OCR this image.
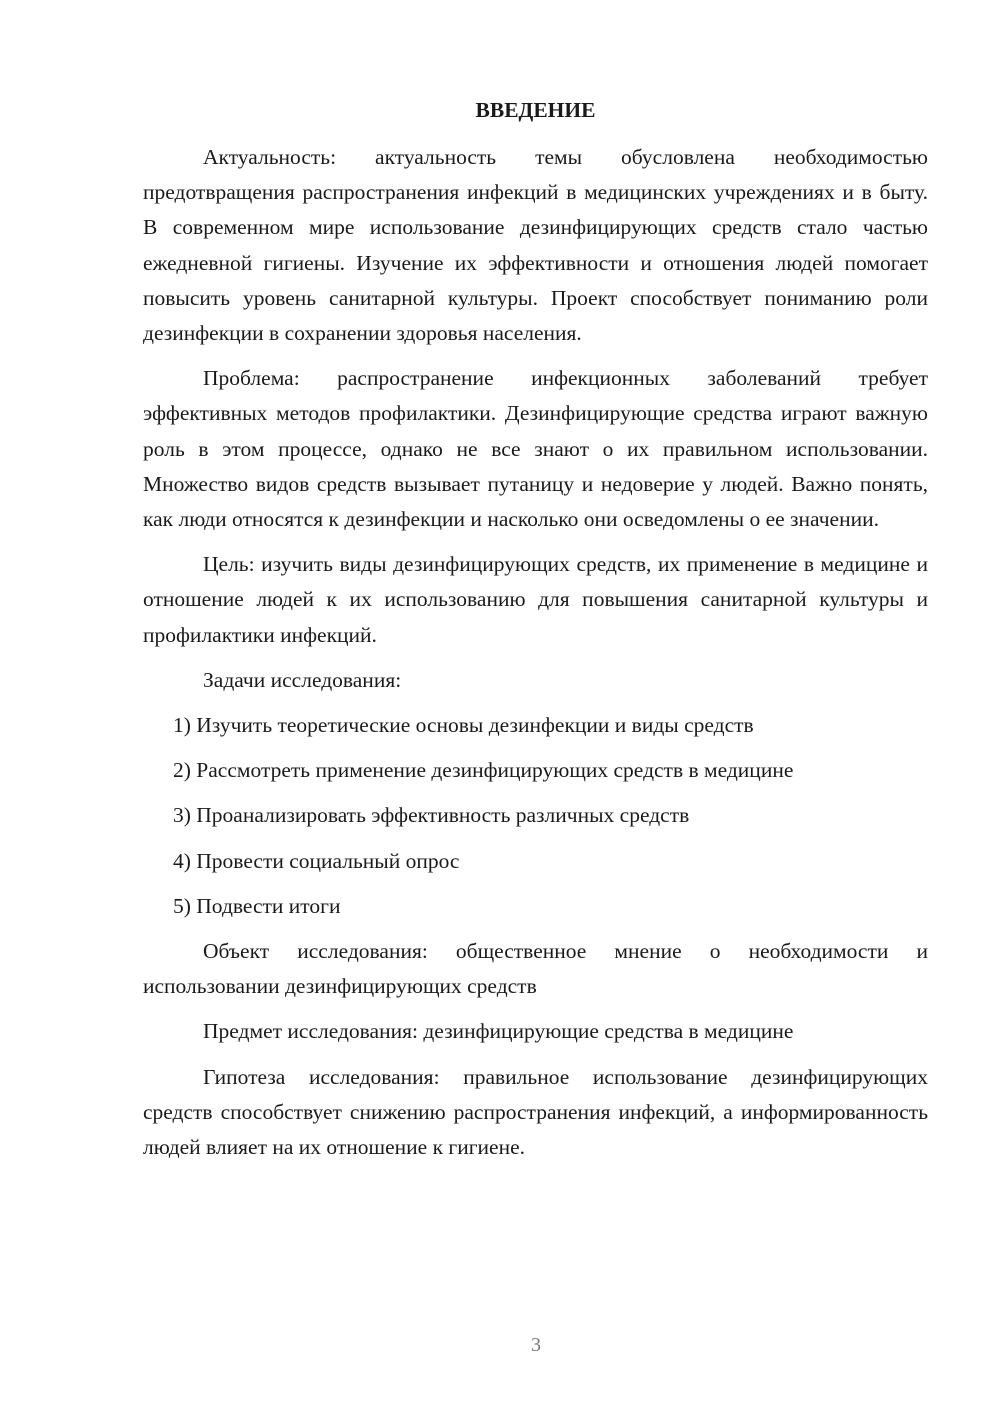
ВВЕДЕНИЕ

Актуальность: актуальность темы обусловлена необходимостью предотвращения распространения инфекций в медицинских учреждениях и в быту. В современном мире использование дезинфицирующих средств стало частью ежедневной гигиены. Изучение их эффективности и отношения людей помогает повысить уровень санитарной культуры. Проект способствует пониманию роли дезинфекции в сохранении здоровья населения.

Проблема: распространение инфекционных заболеваний требует эффективных методов профилактики. Дезинфицирующие средства играют важную роль в этом процессе, однако не все знают о их правильном использовании. Множество видов средств вызывает путаницу и недоверие у людей. Важно понять, как люди относятся к дезинфекции и насколько они осведомлены о ее значении.

Цель: изучить виды дезинфицирующих средств, их применение в медицине и отношение людей к их использованию для повышения санитарной культуры и профилактики инфекций.

Задачи исследования:
1) Изучить теоретические основы дезинфекции и виды средств
2) Рассмотреть применение дезинфицирующих средств в медицине
3) Проанализировать эффективность различных средств
4) Провести социальный опрос
5) Подвести итоги

Объект исследования: общественное мнение о необходимости и использовании дезинфицирующих средств

Предмет исследования: дезинфицирующие средства в медицине

Гипотеза исследования: правильное использование дезинфицирующих средств способствует снижению распространения инфекций, а информированность людей влияет на их отношение к гигиене.

3
